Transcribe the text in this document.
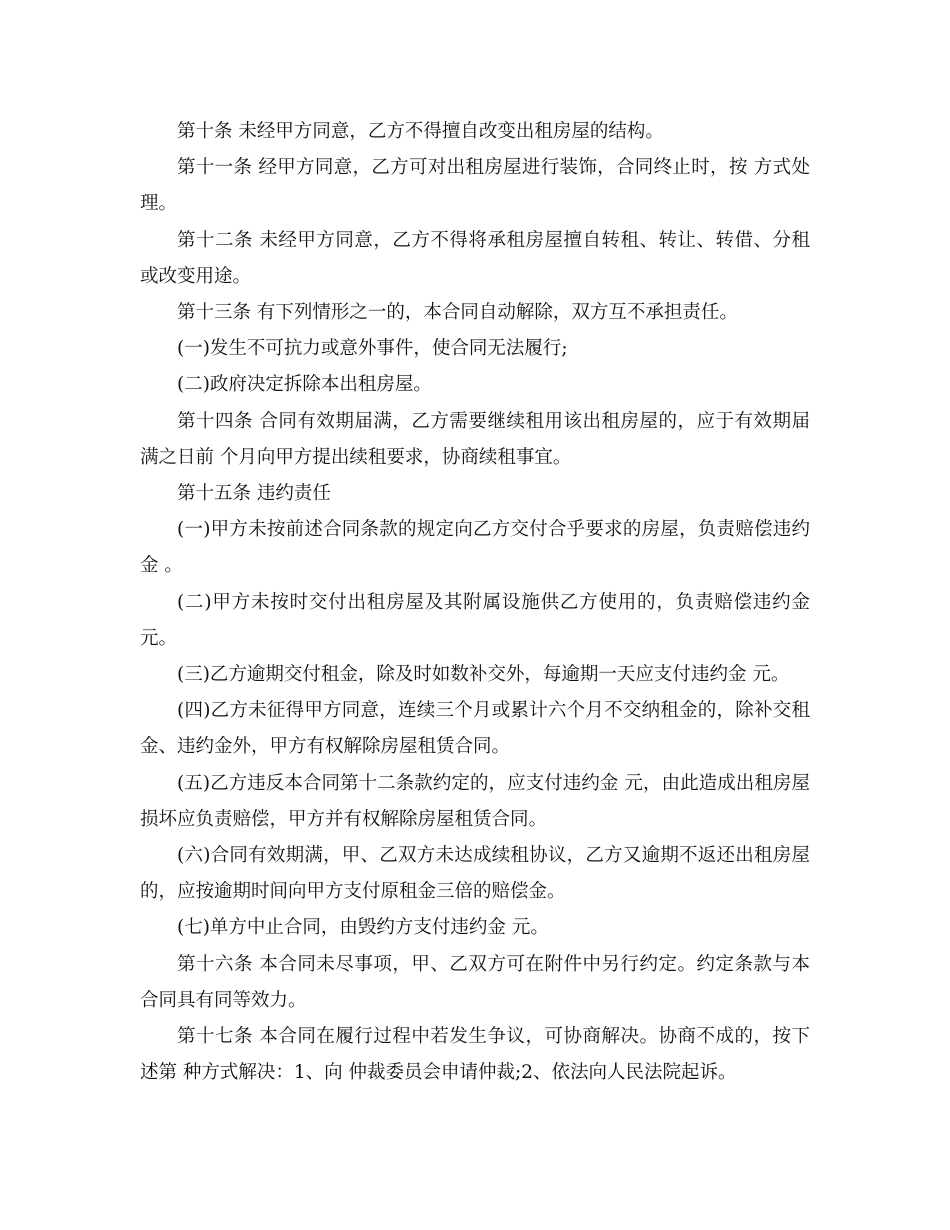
第十条 未经甲方同意，乙方不得擅自改变出租房屋的结构。

第十一条 经甲方同意，乙方可对出租房屋进行装饰，合同终止时，按 方式处理。

第十二条 未经甲方同意，乙方不得将承租房屋擅自转租、转让、转借、分租或改变用途。

第十三条 有下列情形之一的，本合同自动解除，双方互不承担责任。

(一)发生不可抗力或意外事件，使合同无法履行;

(二)政府决定拆除本出租房屋。

第十四条 合同有效期届满，乙方需要继续租用该出租房屋的，应于有效期届满之日前 个月向甲方提出续租要求，协商续租事宜。

第十五条 违约责任

(一)甲方未按前述合同条款的规定向乙方交付合乎要求的房屋，负责赔偿违约金 。

(二)甲方未按时交付出租房屋及其附属设施供乙方使用的，负责赔偿违约金 元。

(三)乙方逾期交付租金，除及时如数补交外，每逾期一天应支付违约金 元。

(四)乙方未征得甲方同意，连续三个月或累计六个月不交纳租金的，除补交租金、违约金外，甲方有权解除房屋租赁合同。

(五)乙方违反本合同第十二条款约定的，应支付违约金 元，由此造成出租房屋损坏应负责赔偿，甲方并有权解除房屋租赁合同。

(六)合同有效期满，甲、乙双方未达成续租协议，乙方又逾期不返还出租房屋的，应按逾期时间向甲方支付原租金三倍的赔偿金。

(七)单方中止合同，由毁约方支付违约金 元。

第十六条 本合同未尽事项，甲、乙双方可在附件中另行约定。约定条款与本合同具有同等效力。

第十七条 本合同在履行过程中若发生争议，可协商解决。协商不成的，按下述第 种方式解决：1、向 仲裁委员会申请仲裁;2、依法向人民法院起诉。
